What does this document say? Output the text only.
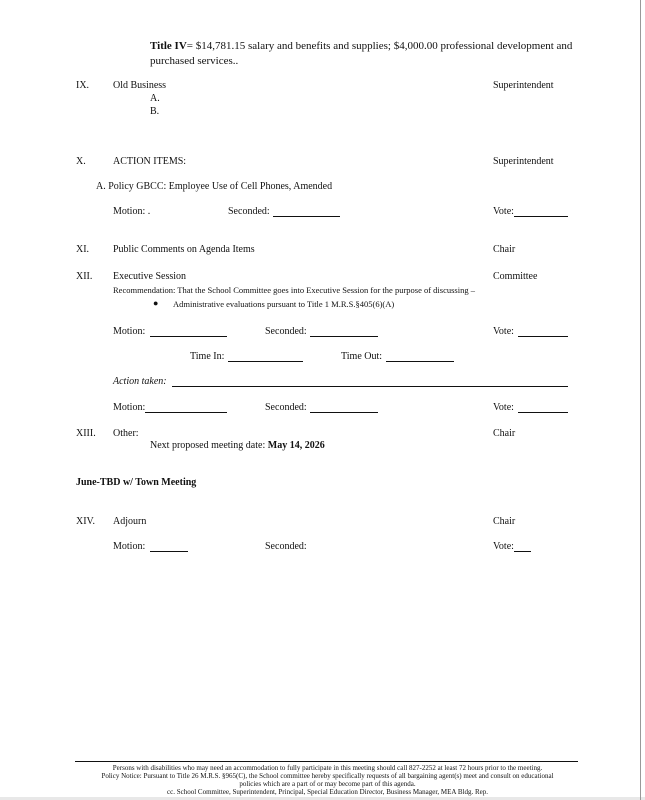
Title IV= $14,781.15 salary and benefits and supplies; $4,000.00 professional development and
purchased services..
IX. Old Business	Superintendent
A.
B.
X.	ACTION ITEMS:	Superintendent
A. Policy GBCC: Employee Use of Cell Phones, Amended
Motion: .	Seconded:	Vote:
XI. Public Comments on Agenda Items	Chair
XII. Executive Session	Committee
Recommendation: That the School Committee goes into Executive Session for the purpose of discussing –
● Administrative evaluations pursuant to Title 1 M.R.S.§405(6)(A)
Motion:	Seconded:	Vote:
Time In:	Time Out:
Action taken:
Motion:	Seconded:	Vote:
XIII. Other:	Chair
Next proposed meeting date: May 14, 2026
June-TBD w/ Town Meeting
XIV. Adjourn	Chair
Motion:	Seconded:	Vote:
Persons with disabilities who may need an accommodation to fully participate in this meeting should call 827-2252 at least 72 hours prior to the meeting.
Policy Notice: Pursuant to Title 26 M.R.S. §965(C), the School committee hereby specifically requests of all bargaining agent(s) meet and consult on educational
policies which are a part of or may become part of this agenda.
cc. School Committee, Superintendent, Principal, Special Education Director, Business Manager, MEA Bldg. Rep.
